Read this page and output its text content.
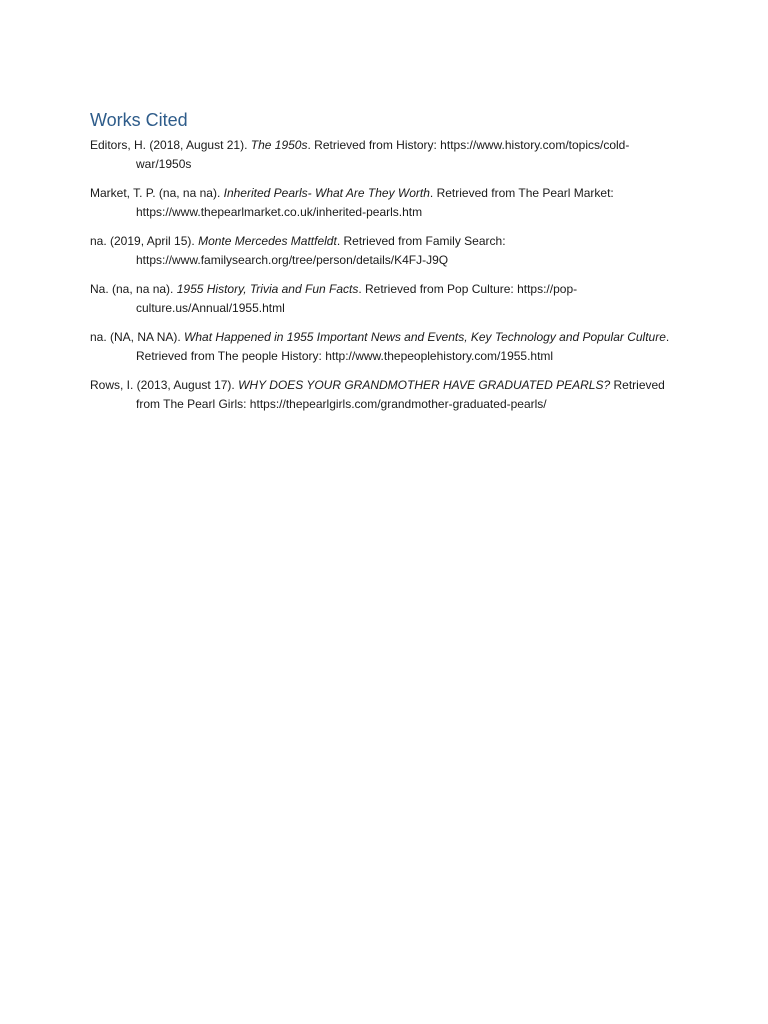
Works Cited

Editors, H. (2018, August 21). The 1950s. Retrieved from History: https://www.history.com/topics/cold-war/1950s

Market, T. P. (na, na na). Inherited Pearls- What Are They Worth. Retrieved from The Pearl Market: https://www.thepearlmarket.co.uk/inherited-pearls.htm

na. (2019, April 15). Monte Mercedes Mattfeldt. Retrieved from Family Search: https://www.familysearch.org/tree/person/details/K4FJ-J9Q

Na. (na, na na). 1955 History, Trivia and Fun Facts. Retrieved from Pop Culture: https://pop-culture.us/Annual/1955.html

na. (NA, NA NA). What Happened in 1955 Important News and Events, Key Technology and Popular Culture. Retrieved from The people History: http://www.thepeoplehistory.com/1955.html

Rows, I. (2013, August 17). WHY DOES YOUR GRANDMOTHER HAVE GRADUATED PEARLS? Retrieved from The Pearl Girls: https://thepearlgirls.com/grandmother-graduated-pearls/
